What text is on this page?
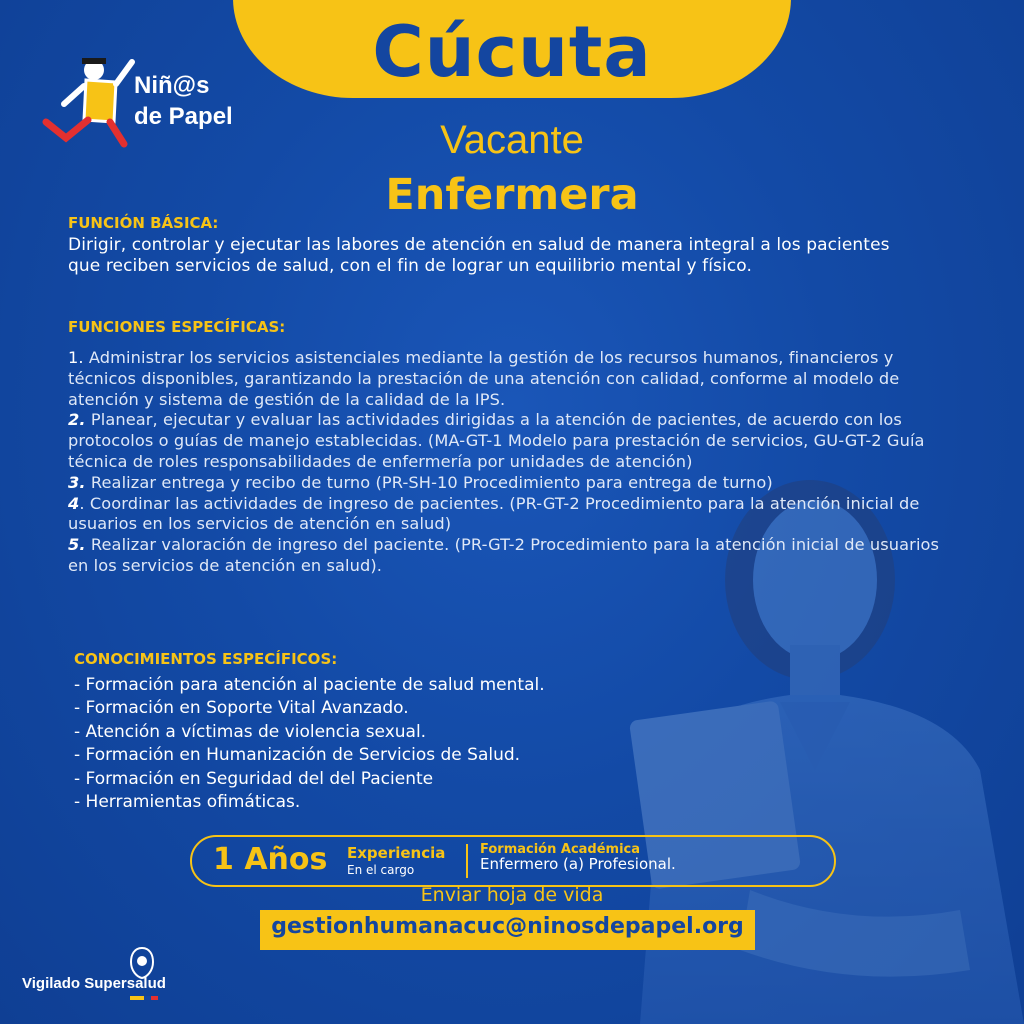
Cúcuta
Niñ@s
de Papel
Vacante
Enfermera
FUNCIÓN BÁSICA:
Dirigir, controlar y ejecutar las labores de atención en salud de manera integral a los pacientes que reciben servicios de salud, con el fin de lograr un equilibrio mental y físico.
FUNCIONES ESPECÍFICAS:

1. Administrar los servicios asistenciales mediante la gestión de los recursos humanos, financieros y técnicos disponibles, garantizando la prestación de una atención con calidad, conforme al modelo de atención y sistema de gestión de la calidad de la IPS.

2. Planear, ejecutar y evaluar las actividades dirigidas a la atención de pacientes, de acuerdo con los protocolos o guías de manejo establecidas. (MA-GT-1 Modelo para prestación de servicios, GU-GT-2 Guía técnica de roles responsabilidades de enfermería por unidades de atención)

3. Realizar entrega y recibo de turno (PR-SH-10 Procedimiento para entrega de turno)

4. Coordinar las actividades de ingreso de pacientes. (PR-GT-2 Procedimiento para la atención inicial de usuarios en los servicios de atención en salud)

5. Realizar valoración de ingreso del paciente. (PR-GT-2 Procedimiento para la atención inicial de usuarios en los servicios de atención en salud).

CONOCIMIENTOS ESPECÍFICOS:
- Formación para atención al paciente de salud mental.
- Formación en Soporte Vital Avanzado.
- Atención a víctimas de violencia sexual.
- Formación en Humanización de Servicios de Salud.
- Formación en Seguridad del del Paciente
- Herramientas ofimáticas.
1 Años Experiencia
En el cargo
Formación Académica
Enfermero (a) Profesional.
Enviar hoja de vida
gestionhumanacuc@ninosdepapel.org
Vigilado Supersalud
